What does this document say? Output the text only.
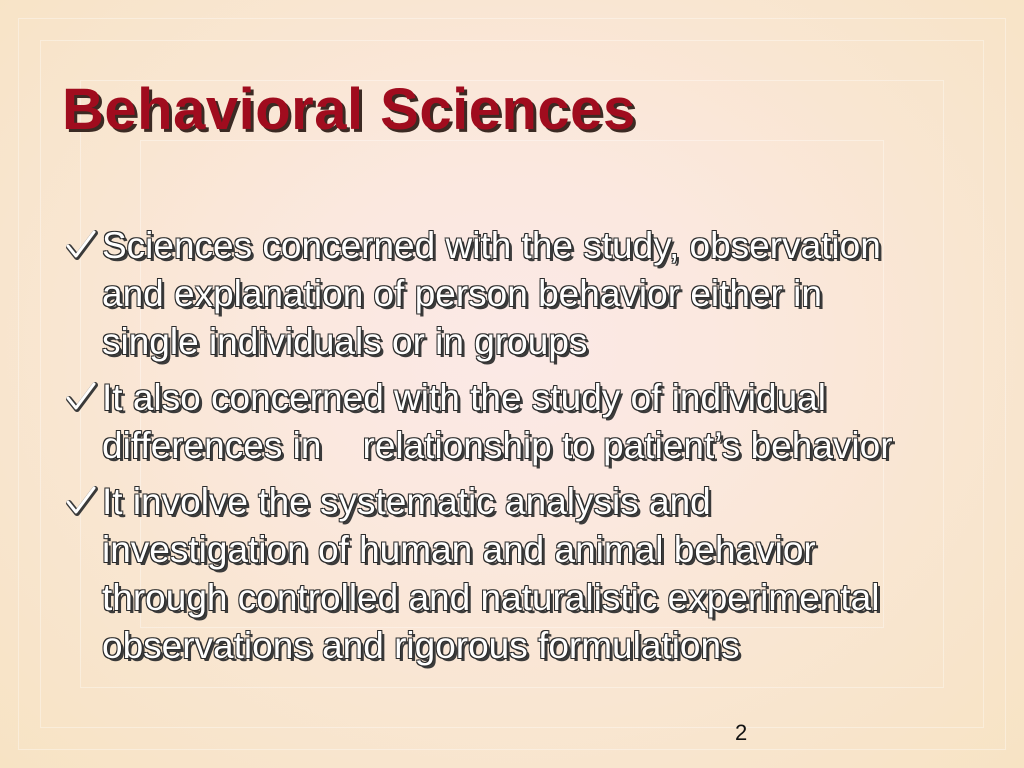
Behavioral Sciences
Sciences concerned with the study, observation
and explanation of person behavior either in
single individuals or in groups
It also concerned with the study of individual
differences in    relationship to patient’s behavior
It involve the systematic analysis and
investigation of human and animal behavior
through controlled and naturalistic experimental
observations and rigorous formulations
2
